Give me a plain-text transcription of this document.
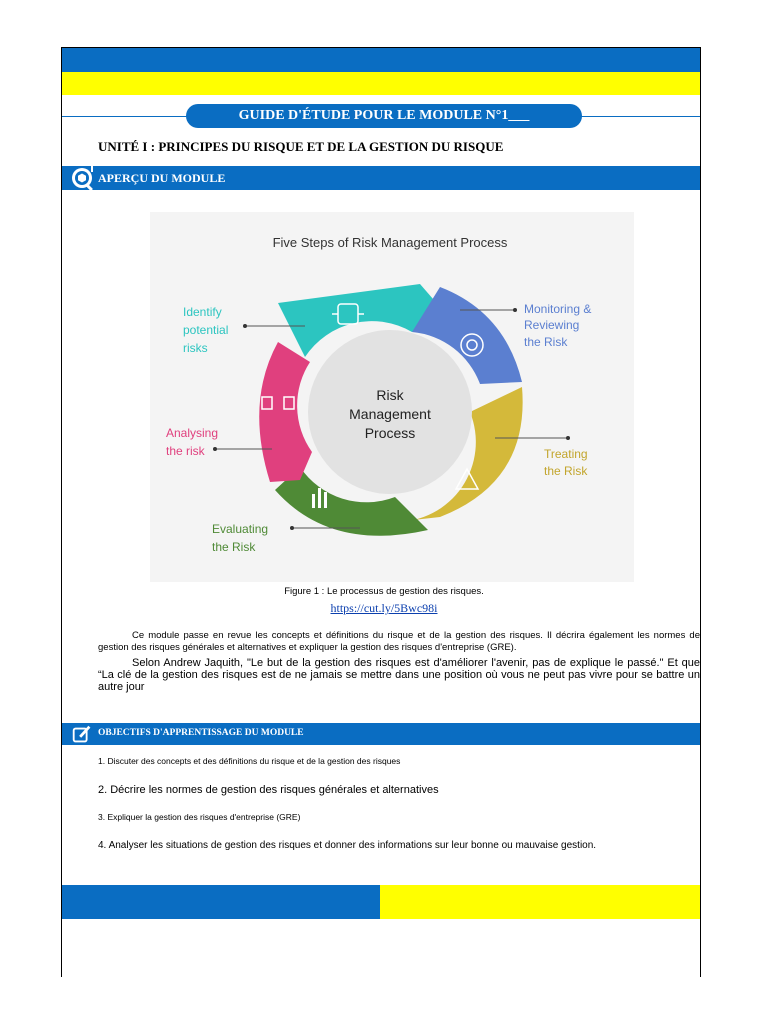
GUIDE D'ÉTUDE POUR LE MODULE N°1___
UNITÉ I : PRINCIPES DU RISQUE ET DE LA GESTION DU RISQUE
APERÇU DU MODULE
Five Steps of Risk Management Process
Risk
Management
Process
Identify
potential
risks
Monitoring &
Reviewing
the Risk
Treating
the Risk
Evaluating
the Risk
Analysing
the risk
Figure 1 : Le processus de gestion des risques.
https://cut.ly/5Bwc98i
Ce module passe en revue les concepts et définitions du risque et de la gestion des risques. Il décrira également les normes de gestion des risques générales et alternatives et expliquer la gestion des risques d'entreprise (GRE).
Selon Andrew Jaquith, "Le but de la gestion des risques est d'améliorer l'avenir, pas de explique le passé." Et que “La clé de la gestion des risques est de ne jamais se mettre dans une position où vous ne peut pas vivre pour se battre un autre jour
OBJECTIFS D'APPRENTISSAGE DU MODULE
1. Discuter des concepts et des définitions du risque et de la gestion des risques
2. Décrire les normes de gestion des risques générales et alternatives
3. Expliquer la gestion des risques d'entreprise (GRE)
4. Analyser les situations de gestion des risques et donner des informations sur leur bonne ou mauvaise gestion.
